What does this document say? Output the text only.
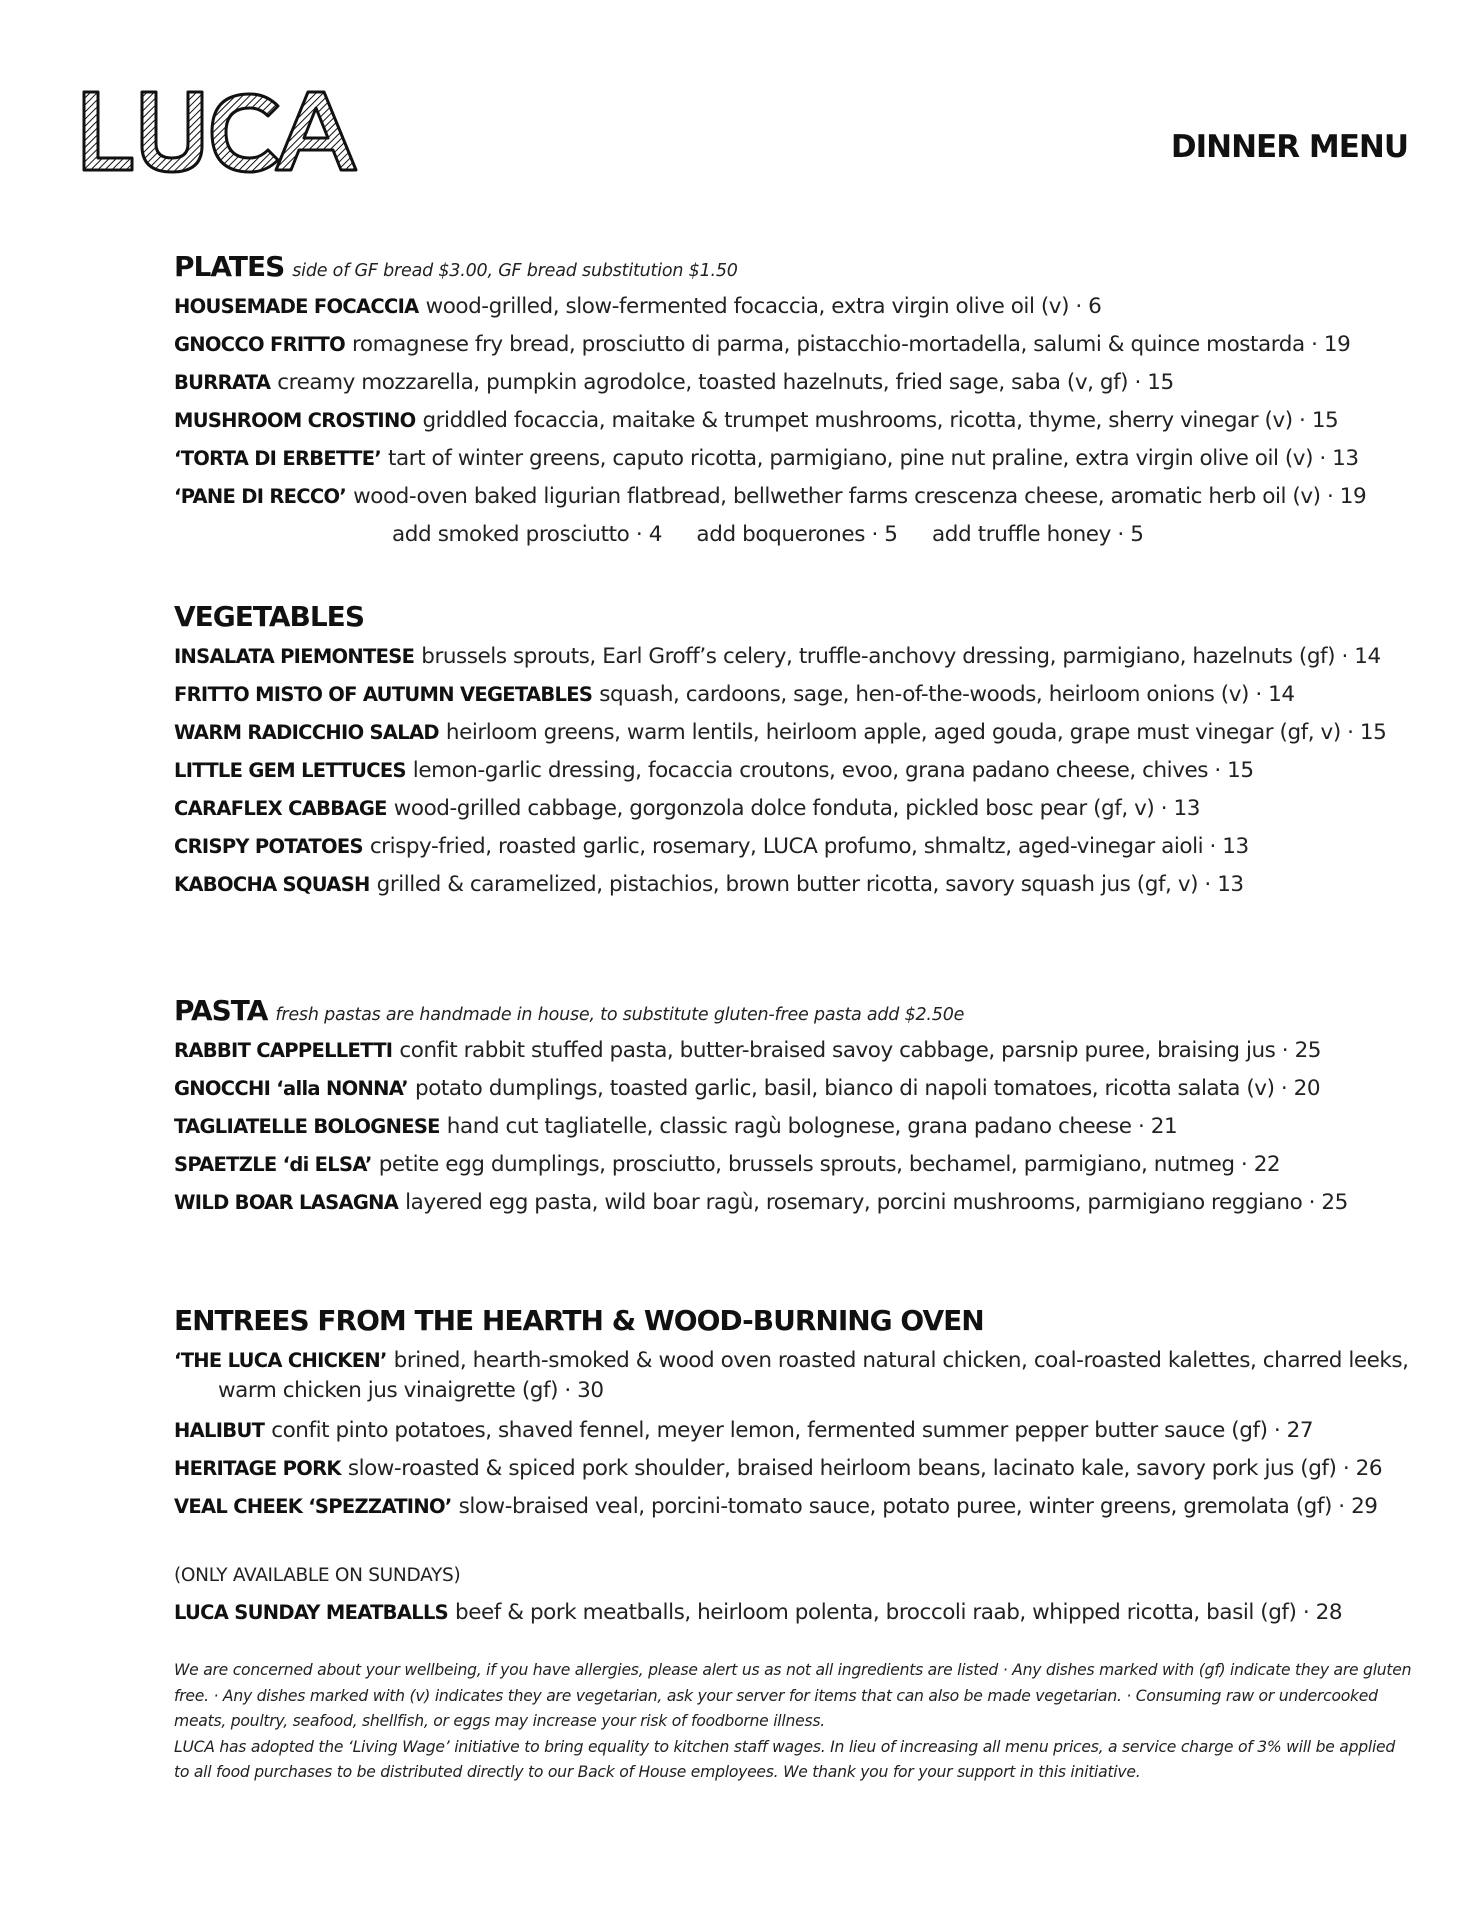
DINNER MENU
PLATES side of GF bread $3.00, GF bread substitution $1.50
HOUSEMADE FOCACCIA wood-grilled, slow-fermented focaccia, extra virgin olive oil (v) · 6
GNOCCO FRITTO romagnese fry bread, prosciutto di parma, pistacchio-mortadella, salumi & quince mostarda · 19
BURRATA creamy mozzarella, pumpkin agrodolce, toasted hazelnuts, fried sage, saba (v, gf) · 15
MUSHROOM CROSTINO griddled focaccia, maitake & trumpet mushrooms, ricotta, thyme, sherry vinegar (v) · 15
‘TORTA DI ERBETTE’ tart of winter greens, caputo ricotta, parmigiano, pine nut praline, extra virgin olive oil (v) · 13
‘PANE DI RECCO’ wood-oven baked ligurian flatbread, bellwether farms crescenza cheese, aromatic herb oil (v) · 19
add smoked prosciutto · 4 add boquerones · 5 add truffle honey · 5
VEGETABLES
INSALATA PIEMONTESE brussels sprouts, Earl Groff’s celery, truffle-anchovy dressing, parmigiano, hazelnuts (gf) · 14
FRITTO MISTO OF AUTUMN VEGETABLES squash, cardoons, sage, hen-of-the-woods, heirloom onions (v) · 14
WARM RADICCHIO SALAD heirloom greens, warm lentils, heirloom apple, aged gouda, grape must vinegar (gf, v) · 15
LITTLE GEM LETTUCES lemon-garlic dressing, focaccia croutons, evoo, grana padano cheese, chives · 15
CARAFLEX CABBAGE wood-grilled cabbage, gorgonzola dolce fonduta, pickled bosc pear (gf, v) · 13
CRISPY POTATOES crispy-fried, roasted garlic, rosemary, LUCA profumo, shmaltz, aged-vinegar aioli · 13
KABOCHA SQUASH grilled & caramelized, pistachios, brown butter ricotta, savory squash jus (gf, v) · 13
PASTA fresh pastas are handmade in house, to substitute gluten-free pasta add $2.50e
RABBIT CAPPELLETTI confit rabbit stuffed pasta, butter-braised savoy cabbage, parsnip puree, braising jus · 25
GNOCCHI ‘alla NONNA’ potato dumplings, toasted garlic, basil, bianco di napoli tomatoes, ricotta salata (v) · 20
TAGLIATELLE BOLOGNESE hand cut tagliatelle, classic ragù bolognese, grana padano cheese · 21
SPAETZLE ‘di ELSA’ petite egg dumplings, prosciutto, brussels sprouts, bechamel, parmigiano, nutmeg · 22
WILD BOAR LASAGNA layered egg pasta, wild boar ragù, rosemary, porcini mushrooms, parmigiano reggiano · 25
ENTREES FROM THE HEARTH & WOOD-BURNING OVEN
‘THE LUCA CHICKEN’ brined, hearth-smoked & wood oven roasted natural chicken, coal-roasted kalettes, charred leeks, warm chicken jus vinaigrette (gf) · 30
HALIBUT confit pinto potatoes, shaved fennel, meyer lemon, fermented summer pepper butter sauce (gf) · 27
HERITAGE PORK slow-roasted & spiced pork shoulder, braised heirloom beans, lacinato kale, savory pork jus (gf) · 26
VEAL CHEEK ‘SPEZZATINO’ slow-braised veal, porcini-tomato sauce, potato puree, winter greens, gremolata (gf) · 29
(ONLY AVAILABLE ON SUNDAYS)
LUCA SUNDAY MEATBALLS beef & pork meatballs, heirloom polenta, broccoli raab, whipped ricotta, basil (gf) · 28

We are concerned about your wellbeing, if you have allergies, please alert us as not all ingredients are listed · Any dishes marked with (gf) indicate they are gluten free. · Any dishes marked with (v) indicates they are vegetarian, ask your server for items that can also be made vegetarian. · Consuming raw or undercooked meats, poultry, seafood, shellfish, or eggs may increase your risk of foodborne illness.

LUCA has adopted the ‘Living Wage’ initiative to bring equality to kitchen staff wages. In lieu of increasing all menu prices, a service charge of 3% will be applied to all food purchases to be distributed directly to our Back of House employees. We thank you for your support in this initiative.
